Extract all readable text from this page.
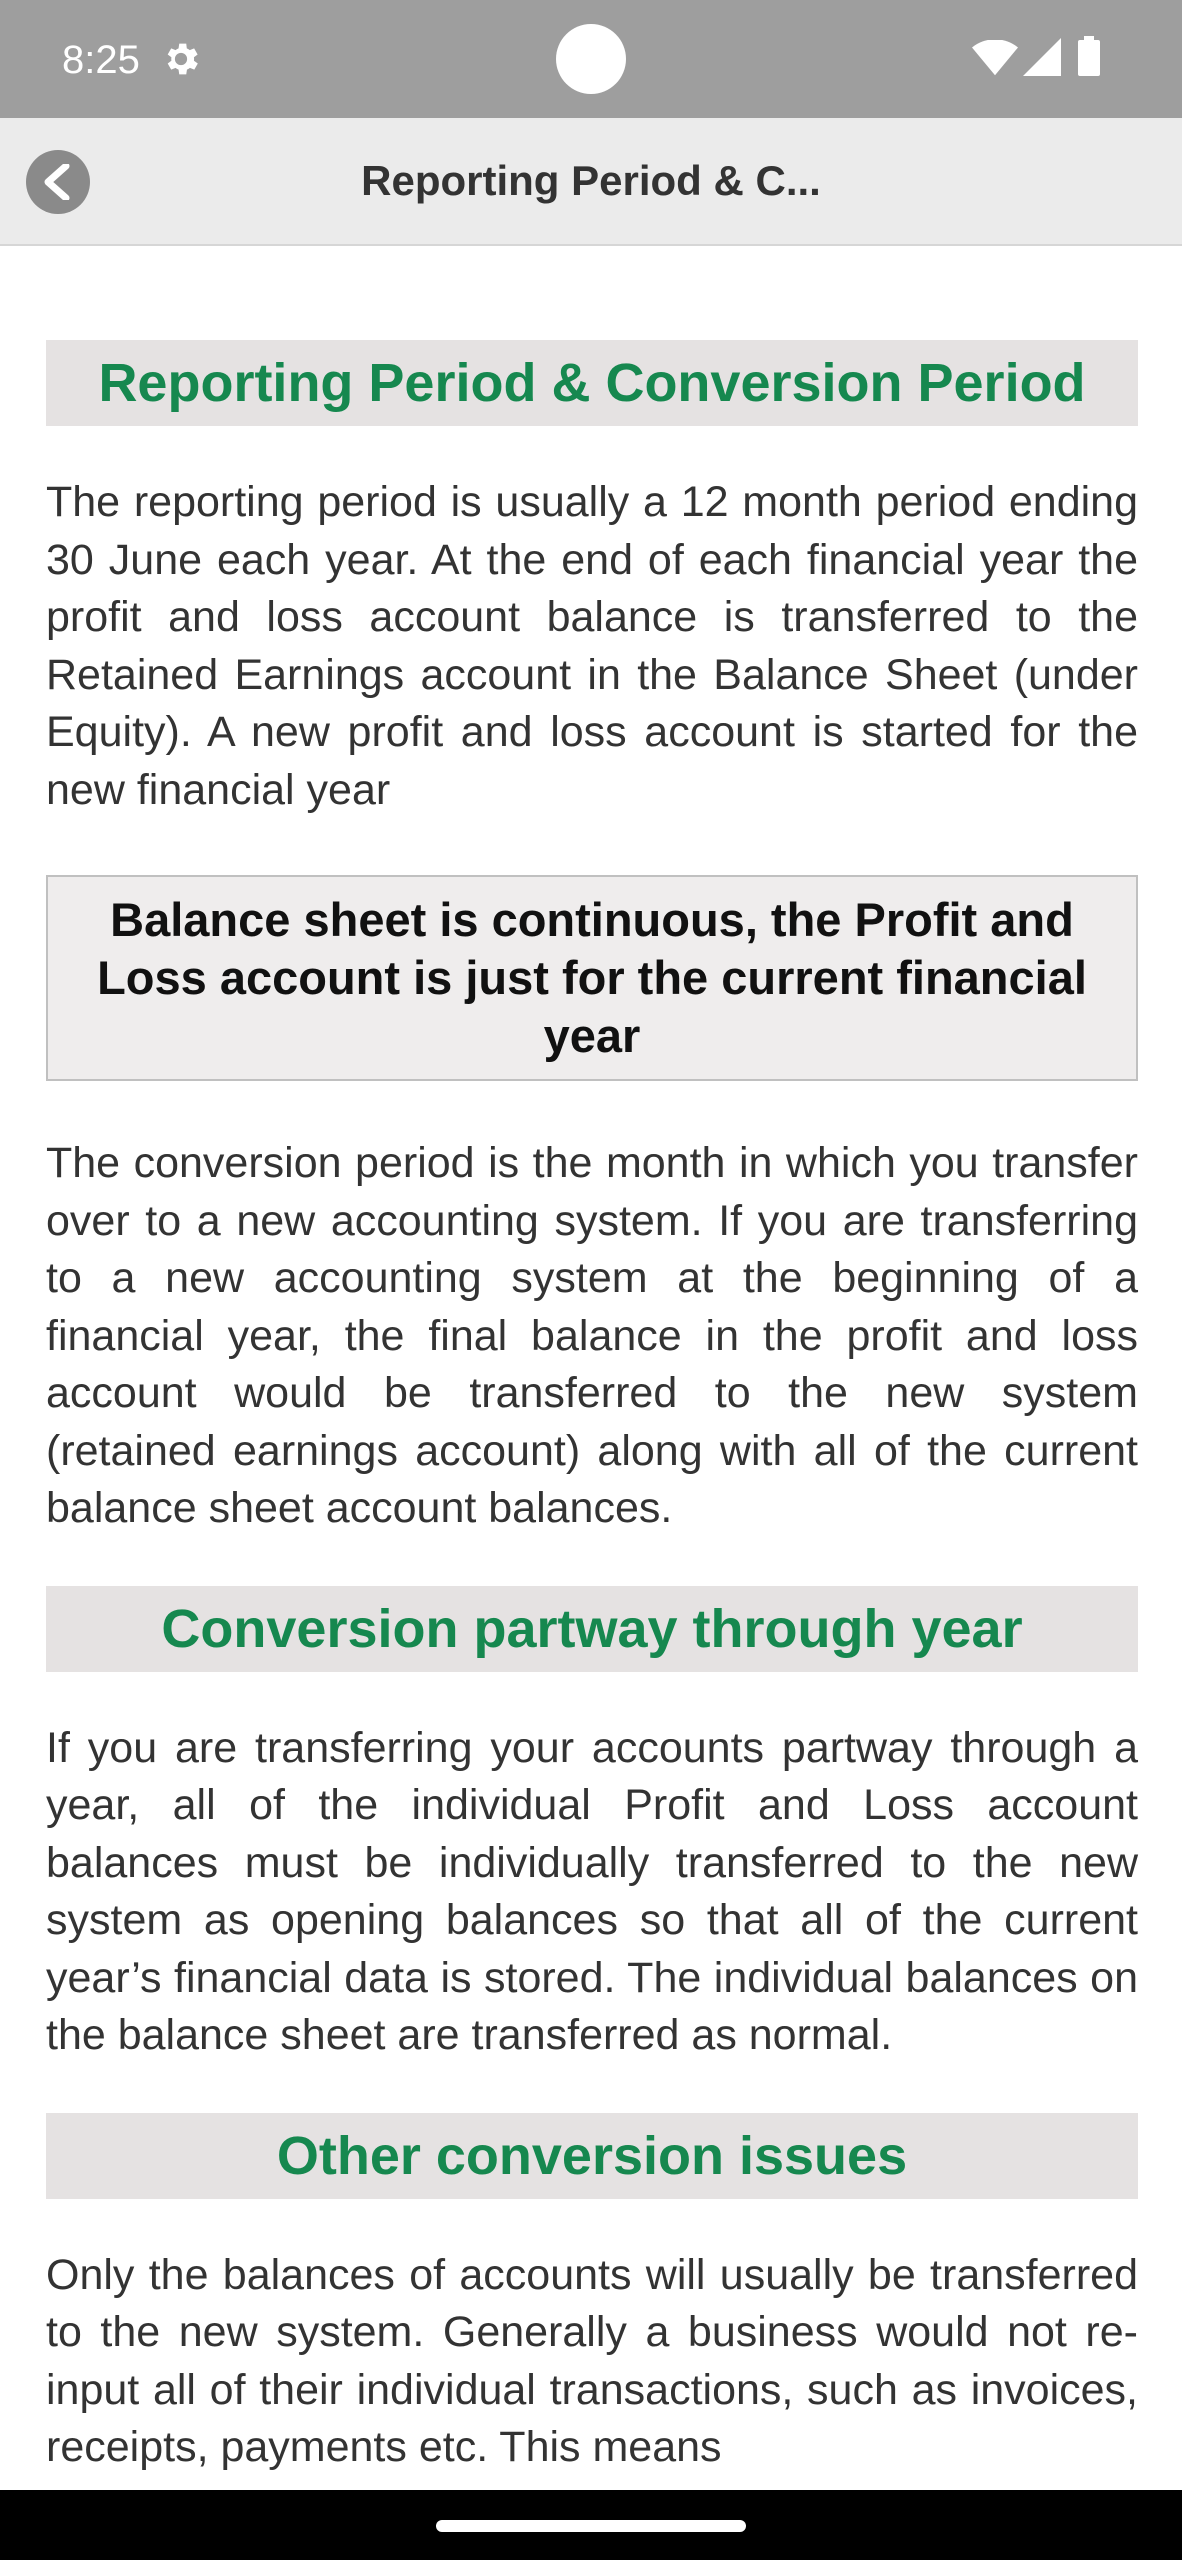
8:25
Reporting Period & C...
Reporting Period & Conversion Period

The reporting period is usually a 12 month period ending 30 June each year. At the end of each financial year the profit and loss account balance is transferred to the Retained Earnings account in the Balance Sheet (under Equity). A new profit and loss account is started for the new financial year

Balance sheet is continuous, the Profit and Loss account is just for the current financial year

The conversion period is the month in which you transfer over to a new accounting system. If you are transferring to a new accounting system at the beginning of a financial year, the final balance in the profit and loss account would be transferred to the new system (retained earnings account) along with all of the current balance sheet account balances.

Conversion partway through year

If you are transferring your accounts partway through a year, all of the individual Profit and Loss account balances must be individually transferred to the new system as opening balances so that all of the current year’s financial data is stored. The individual balances on the balance sheet are transferred as normal.

Other conversion issues

Only the balances of accounts will usually be transferred to the new system. Generally a business would not re-input all of their individual transactions, such as invoices, receipts, payments etc. This means
